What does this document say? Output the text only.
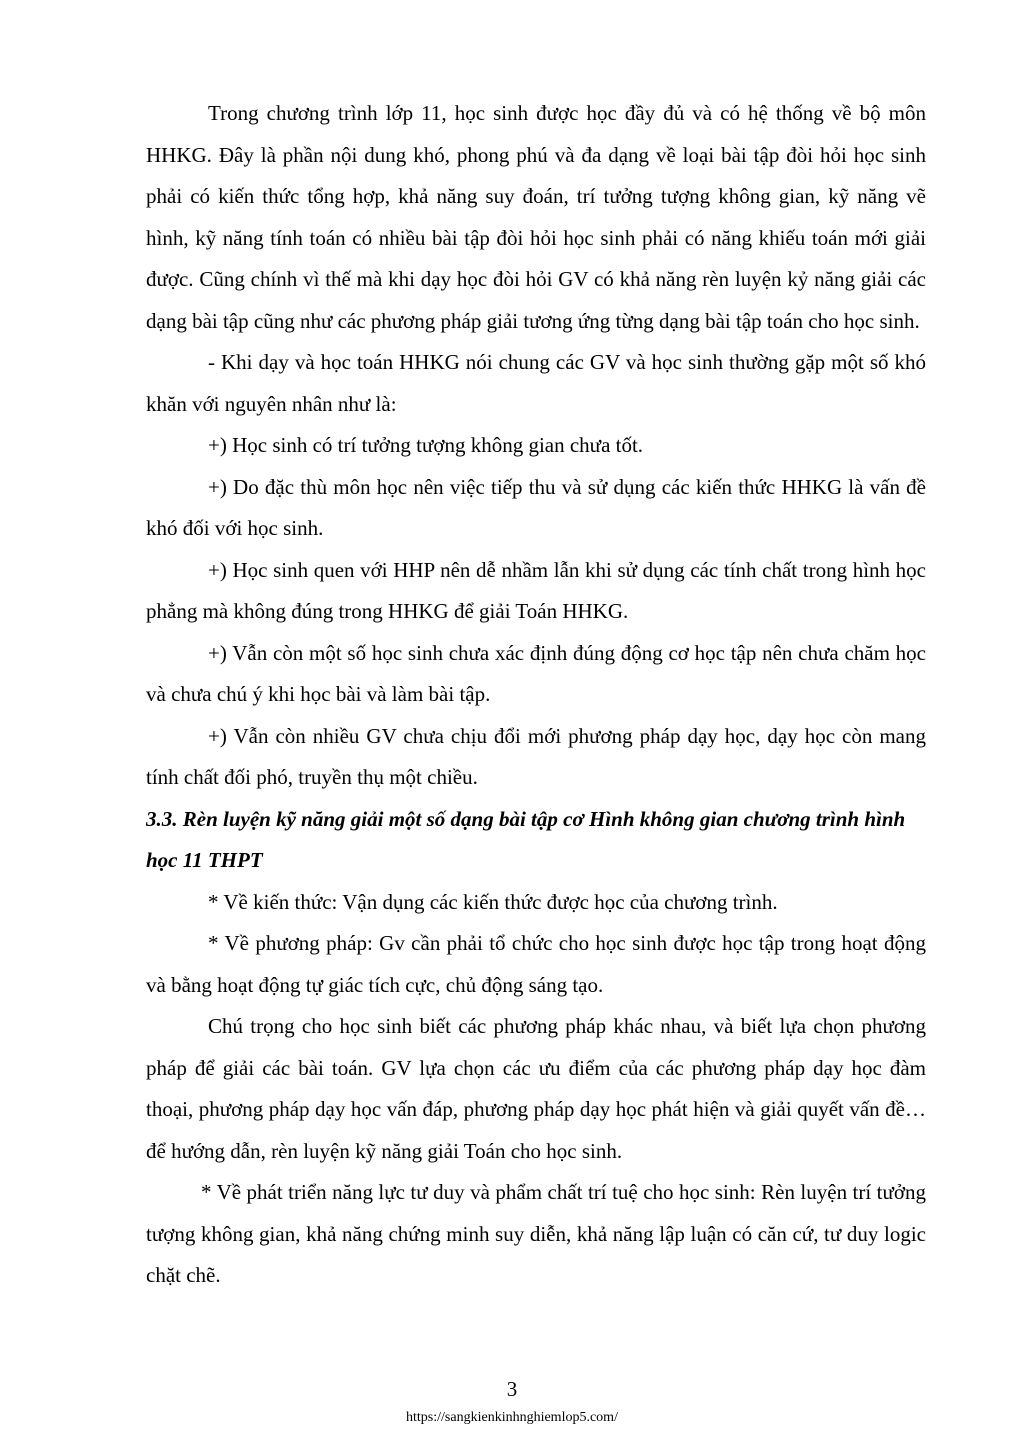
Trong chương trình lớp 11, học sinh được học đầy đủ và có hệ thống về bộ môn HHKG. Đây là phần nội dung khó, phong phú và đa dạng về loại bài tập đòi hỏi học sinh phải có kiến thức tổng hợp, khả năng suy đoán, trí tưởng tượng không gian, kỹ năng vẽ hình, kỹ năng tính toán có nhiều bài tập đòi hỏi học sinh phải có năng khiếu toán mới giải được. Cũng chính vì thế mà khi dạy học đòi hỏi GV có khả năng rèn luyện kỷ năng giải các dạng bài tập cũng như các phương pháp giải tương ứng từng dạng bài tập toán cho học sinh.

- Khi dạy và học toán HHKG nói chung các GV và học sinh thường gặp một số khó khăn với nguyên nhân như là:

+) Học sinh có trí tưởng tượng không gian chưa tốt.

+) Do đặc thù môn học nên việc tiếp thu và sử dụng các kiến thức HHKG là vấn đề khó đối với học sinh.

+) Học sinh quen với HHP nên dễ nhầm lẫn khi sử dụng các tính chất trong hình học phẳng mà không đúng trong HHKG để giải Toán HHKG.

+) Vẫn còn một số học sinh chưa xác định đúng động cơ học tập nên chưa chăm học và chưa chú ý khi học bài và làm bài tập.

+) Vẫn còn nhiều GV chưa chịu đổi mới phương pháp dạy học, dạy học còn mang tính chất đối phó, truyền thụ một chiều.

3.3. Rèn luyện kỹ năng giải một số dạng bài tập cơ Hình không gian chương trình hình học 11 THPT

* Về kiến thức: Vận dụng các kiến thức được học của chương trình.

* Về phương pháp: Gv cần phải tổ chức cho học sinh được học tập trong hoạt động và bằng hoạt động tự giác tích cực, chủ động sáng tạo.

Chú trọng cho học sinh biết các phương pháp khác nhau, và biết lựa chọn phương pháp để giải các bài toán. GV lựa chọn các ưu điểm của các phương pháp dạy học đàm thoại, phương pháp dạy học vấn đáp, phương pháp dạy học phát hiện và giải quyết vấn đề…để hướng dẫn, rèn luyện kỹ năng giải Toán cho học sinh.

* Về phát triển năng lực tư duy và phẩm chất trí tuệ cho học sinh: Rèn luyện trí tưởng tượng không gian, khả năng chứng minh suy diễn, khả năng lập luận có căn cứ, tư duy logic chặt chẽ.

3
https://sangkienkinhnghiemlop5.com/
